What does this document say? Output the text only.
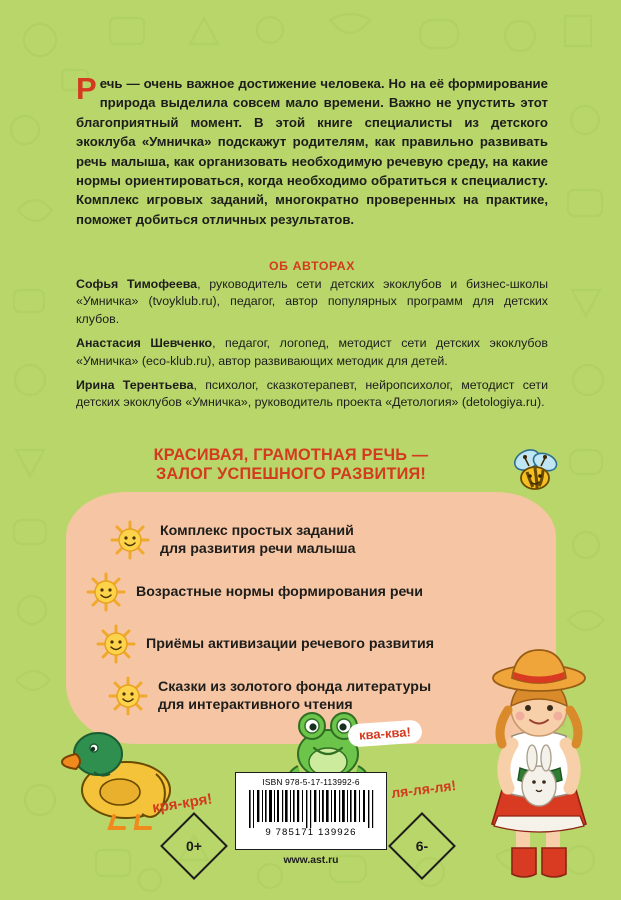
Речь — очень важное достижение человека. Но на её формирование природа выделила совсем мало времени. Важно не упустить этот благоприятный момент. В этой книге специалисты из детского экоклуба «Умничка» подскажут родителям, как правильно развивать речь малыша, как организовать необходимую речевую среду, на какие нормы ориентироваться, когда необходимо обратиться к специалисту. Комплекс игровых заданий, многократно проверенных на практике, поможет добиться отличных результатов.
ОБ АВТОРАХ

Софья Тимофеева, руководитель сети детских экоклубов и бизнес-школы «Умничка» (tvoyklub.ru), педагог, автор популярных программ для детских клубов.

Анастасия Шевченко, педагог, логопед, методист сети детских экоклубов «Умничка» (eco-klub.ru), автор развивающих методик для детей.

Ирина Терентьева, психолог, сказкотерапевт, нейропсихолог, методист сети детских экоклубов «Умничка», руководитель проекта «Детология» (detologiya.ru).

КРАСИВАЯ, ГРАМОТНАЯ РЕЧЬ —
ЗАЛОГ УСПЕШНОГО РАЗВИТИЯ!
Комплекс простых заданий
для развития речи малыша
Возрастные нормы формирования речи
Приёмы активизации речевого развития
Сказки из золотого фонда литературы
для интерактивного чтения
ква-ква!
ля-ля-ля!
кря-кря!
ISBN 978-5-17-113992-6
9 785171 139926
0+	6-
www.ast.ru
